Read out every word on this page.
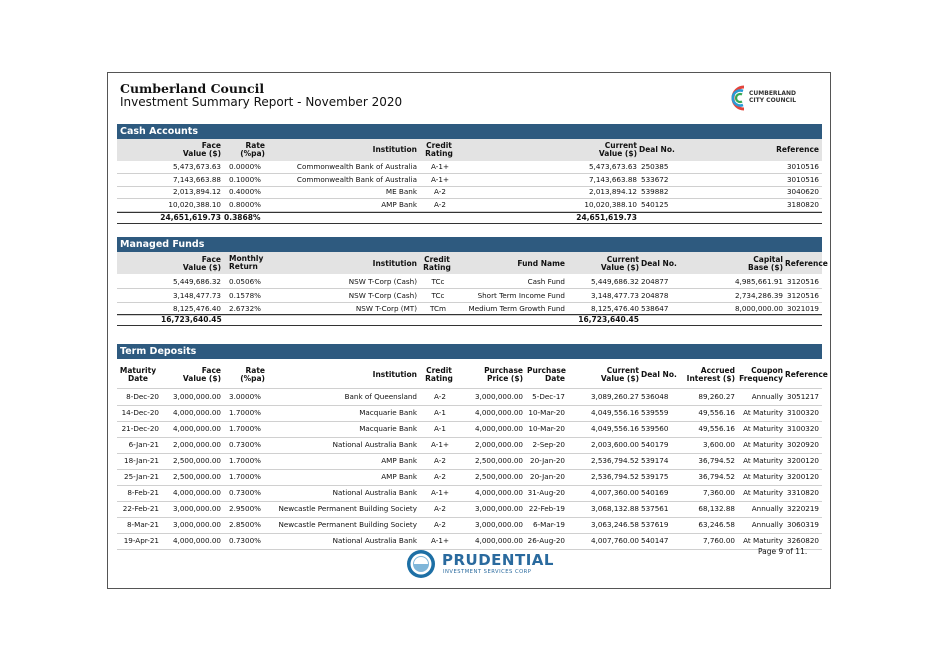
Cumberland Council
Investment Summary Report - November 2020
CUMBERLAND
CITY COUNCIL
Cash Accounts
Face
Value ($)
Rate
(%pa)	Institution	Credit
Rating
Current
Value ($) Deal No.	Reference
5,473,673.63 0.0000%	Commonwealth Bank of Australia	A-1+	5,473,673.63 250385	3010516
7,143,663.88 0.1000%	Commonwealth Bank of Australia	A-1+	7,143,663.88 533672	3010516
2,013,894.12 0.4000%	ME Bank	A-2	2,013,894.12 539882	3040620
10,020,388.10 0.8000%	AMP Bank	A-2	10,020,388.10 540125	3180820
24,651,619.73 0.3868%	24,651,619.73
Managed Funds
Face
Value ($)
Monthly
Return	Institution Credit
Rating	Fund Name	Current
Value ($) Deal No.	Capital
Base ($) Reference
5,449,686.32 0.0506%	NSW T-Corp (Cash)	TCc	Cash Fund	5,449,686.32 204877	4,985,661.91 3120516
3,148,477.73 0.1578%	NSW T-Corp (Cash)	TCc	Short Term Income Fund	3,148,477.73 204878	2,734,286.39 3120516
8,125,476.40 2.6732%	NSW T-Corp (MT)	TCm	Medium Term Growth Fund	8,125,476.40 538647	8,000,000.00 3021019
16,723,640.45	16,723,640.45
Term Deposits
Maturity
Date
Face
Value ($)
Rate
(%pa)	Institution	Credit
Rating
Purchase
Price ($)
Purchase
Date
Current
Value ($) Deal No.	Accrued
Interest ($)
Coupon
Frequency Reference
8-Dec-20	3,000,000.00 3.0000%	Bank of Queensland	A-2	3,000,000.00	5-Dec-17	3,089,260.27 536048	89,260.27	Annually 3051217
14-Dec-20	4,000,000.00 1.7000%	Macquarie Bank	A-1	4,000,000.00 10-Mar-20	4,049,556.16 539559	49,556.16	At Maturity 3100320
21-Dec-20	4,000,000.00 1.7000%	Macquarie Bank	A-1	4,000,000.00 10-Mar-20	4,049,556.16 539560	49,556.16	At Maturity 3100320
6-Jan-21	2,000,000.00 0.7300%	National Australia Bank	A-1+	2,000,000.00	2-Sep-20	2,003,600.00 540179	3,600.00	At Maturity 3020920
18-Jan-21	2,500,000.00 1.7000%	AMP Bank	A-2	2,500,000.00 20-Jan-20	2,536,794.52 539174	36,794.52	At Maturity 3200120
25-Jan-21	2,500,000.00 1.7000%	AMP Bank	A-2	2,500,000.00 20-Jan-20	2,536,794.52 539175	36,794.52	At Maturity 3200120
8-Feb-21	4,000,000.00 0.7300%	National Australia Bank	A-1+	4,000,000.00 31-Aug-20	4,007,360.00 540169	7,360.00	At Maturity 3310820
22-Feb-21	3,000,000.00 2.9500%	Newcastle Permanent Building Society	A-2	3,000,000.00 22-Feb-19	3,068,132.88 537561	68,132.88	Annually 3220219
8-Mar-21	3,000,000.00 2.8500%	Newcastle Permanent Building Society	A-2	3,000,000.00	6-Mar-19	3,063,246.58 537619	63,246.58	Annually 3060319
19-Apr-21	4,000,000.00 0.7300%	National Australia Bank	A-1+	4,000,000.00 26-Aug-20	4,007,760.00 540147	7,760.00	At Maturity 3260820
PRUDENTIAL
INVESTMENT SERVICES CORP
Page 9 of 11.
